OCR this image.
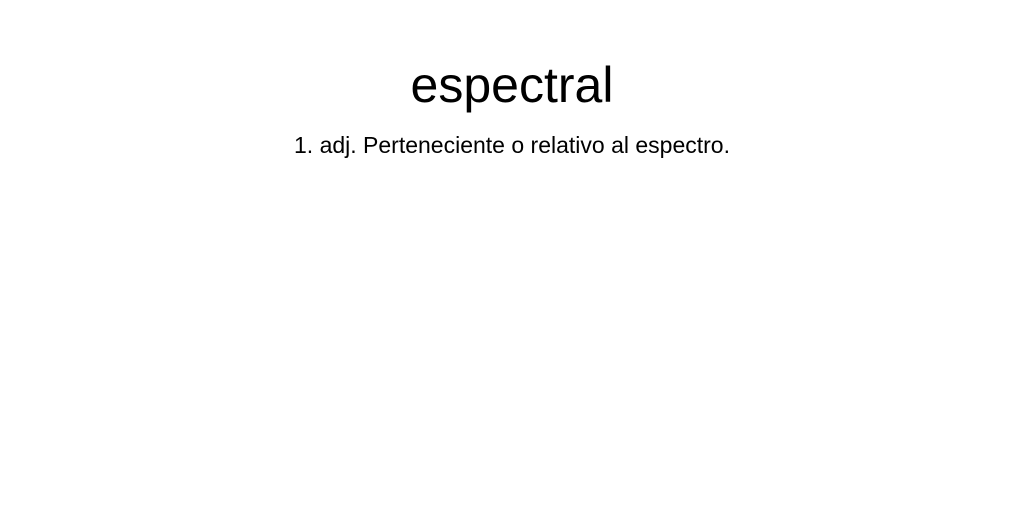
espectral

1. adj. Perteneciente o relativo al espectro.
